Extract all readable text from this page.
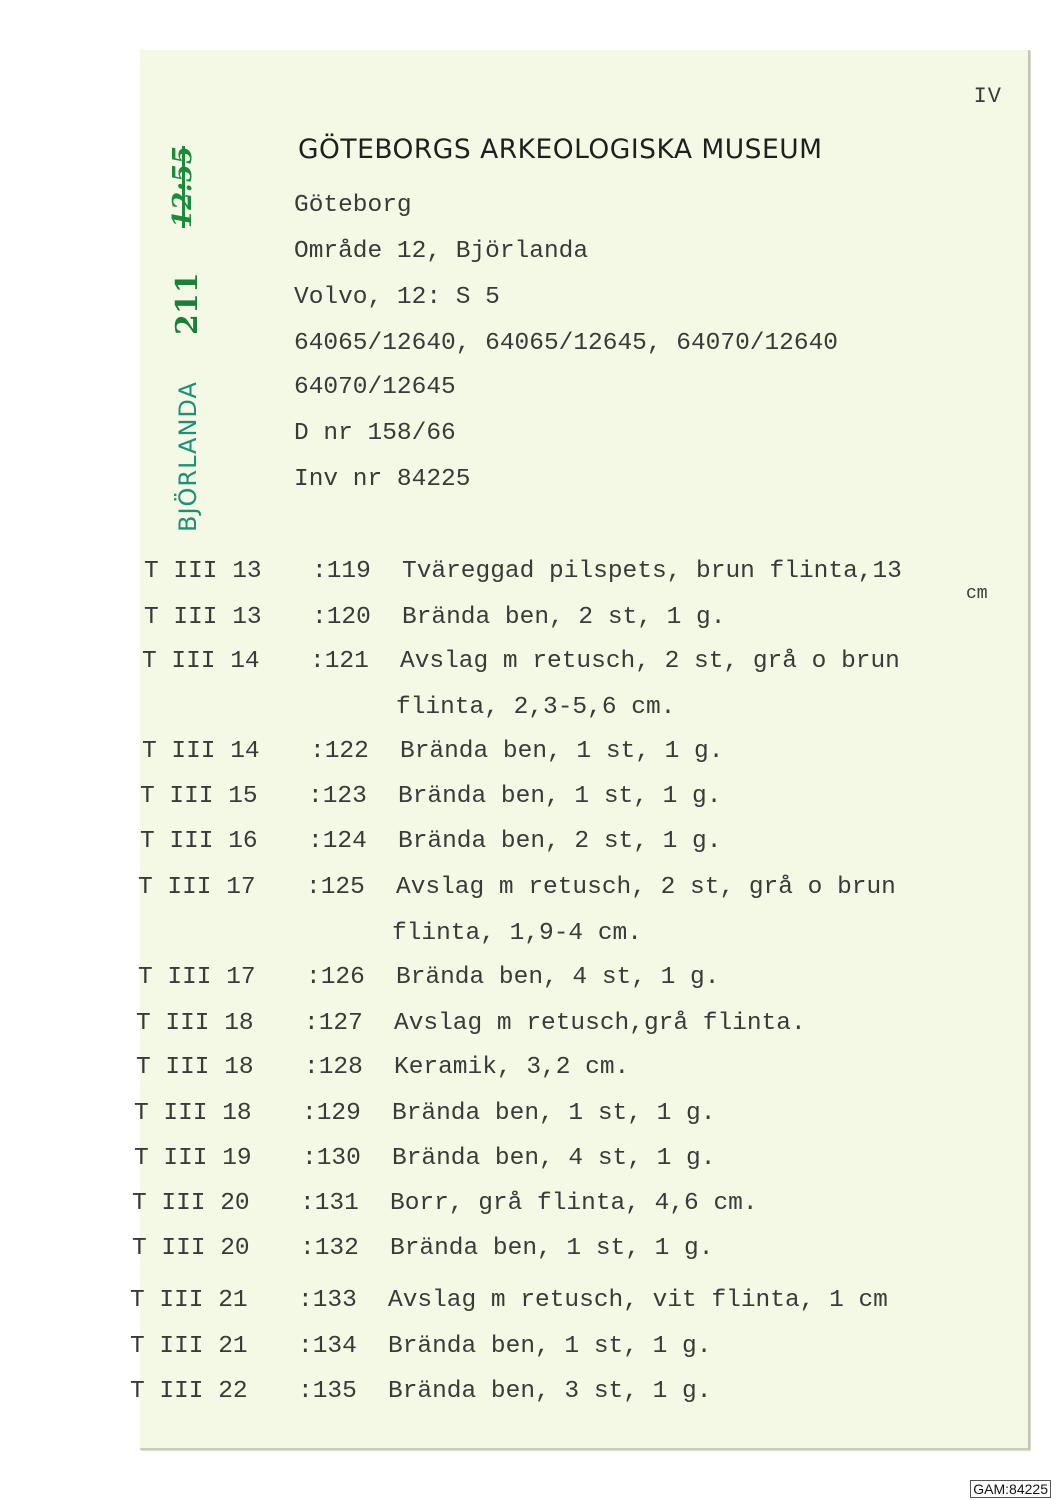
IV
GÖTEBORGS ARKEOLOGISKA MUSEUM
12:55
211
BJÖRLANDA
Göteborg
Område 12, Björlanda
Volvo, 12: S 5
64065/12640, 64065/12645, 64070/12640
64070/12645
D nr 158/66
Inv nr 84225
T III 13 :119 Tväreggad pilspets, brun flinta,13
cm
T III 13 :120 Brända ben, 2 st, 1 g.
T III 14 :121 Avslag m retusch, 2 st, grå o brun
flinta, 2,3-5,6 cm.
T III 14 :122 Brända ben, 1 st, 1 g.
T III 15 :123 Brända ben, 1 st, 1 g.
T III 16 :124 Brända ben, 2 st, 1 g.
T III 17 :125 Avslag m retusch, 2 st, grå o brun
flinta, 1,9-4 cm.
T III 17 :126 Brända ben, 4 st, 1 g.
T III 18 :127 Avslag m retusch,grå flinta.
T III 18 :128 Keramik, 3,2 cm.
T III 18 :129 Brända ben, 1 st, 1 g.
T III 19 :130 Brända ben, 4 st, 1 g.
T III 20 :131 Borr, grå flinta, 4,6 cm.
T III 20 :132 Brända ben, 1 st, 1 g.
T III 21 :133 Avslag m retusch, vit flinta, 1 cm
T III 21 :134 Brända ben, 1 st, 1 g.
T III 22 :135 Brända ben, 3 st, 1 g.
GAM:84225
